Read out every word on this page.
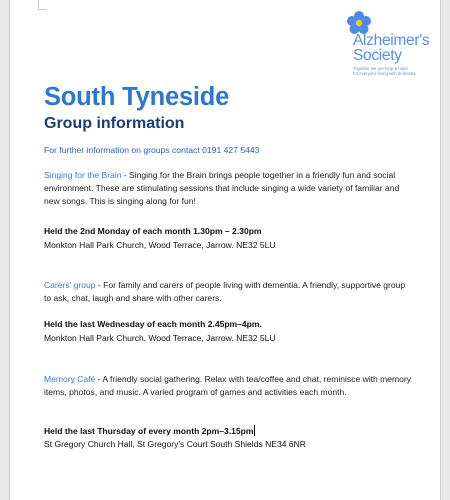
Alzheimer's
Society
Together we are help & hope
for everyone living with dementia
South Tyneside
Group information
For further information on groups contact 0191 427 5443
Singing for the Brain - Singing for the Brain brings people together in a friendly fun and social environment. These are stimulating sessions that include singing a wide variety of familiar and new songs. This is singing along for fun!
Held the 2nd Monday of each month 1.30pm – 2.30pm
Monkton Hall Park Church, Wood Terrace, Jarrow. NE32 5LU
Carers' group - For family and carers of people living with dementia. A friendly, supportive group to ask, chat, laugh and share with other carers.
Held the last Wednesday of each month 2.45pm–4pm.
Monkton Hall Park Church, Wood Terrace, Jarrow. NE32 5LU
Memory Café - A friendly social gathering. Relax with tea/coffee and chat, reminisce with memory items, photos, and music. A varied program of games and activities each month.
Held the last Thursday of every month 2pm–3.15pm
St Gregory Church Hall, St Gregory's Court South Shields NE34 6NR
